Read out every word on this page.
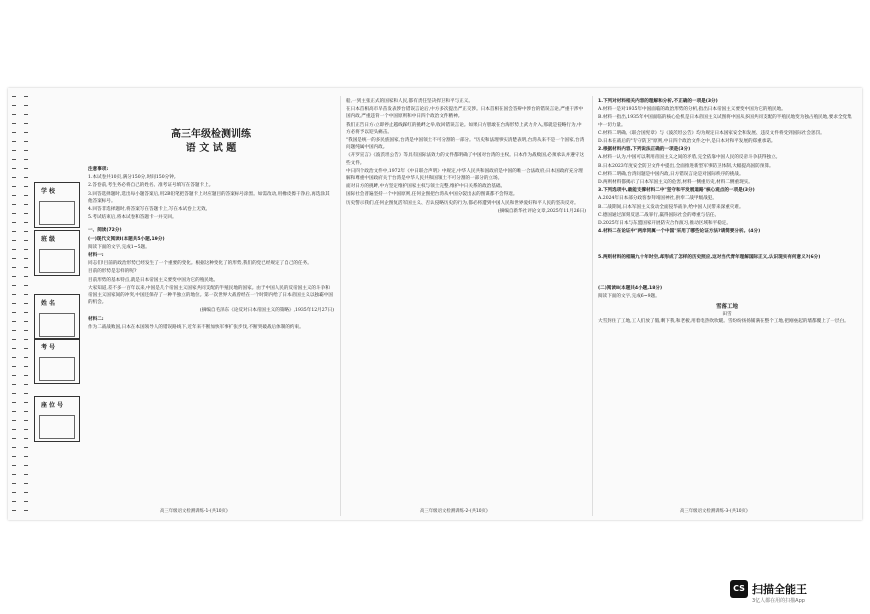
学校
班级
姓名
考号
座位号
高三年级检测训练
语 文 试 题

注意事项:

1.本试卷共10页,满分150分,时间150分钟。

2.答卷前,考生务必将自己的姓名、准考证号填写在答题卡上。

3.回答选择题时,选出每小题答案后,用2B铅笔把答题卡上对应题目的答案标号涂黑。如需改动,用橡皮擦干净后,再选涂其他答案标号。

4.回答非选择题时,将答案写在答题卡上,写在本试卷上无效。

5.考试结束后,将本试卷和答题卡一并交回。

一、阅读(72分)

(一)现代文阅读Ⅰ(本题共5小题,19分)

阅读下面的文字,完成1~5题。

材料一:

同志们!目前的政治形势已经发生了一个重要的变化。根据这种变化了的形势,我们的党已经规定了自己的任务。

目前的形势是怎样的呢?

目前形势的基本特点,就是日本帝国主义要变中国为它的殖民地。

大家知道,差不多一百年以来,中国是几个帝国主义国家共同支配的半殖民地的国家。由于中国人民的反帝国主义的斗争和帝国主义国家间的冲突,中国还保存了一种半独立的地位。第一次世界大战曾经在一个时期内给了日本帝国主义以独霸中国的机会。

(摘编自毛泽东《论反对日本帝国主义的策略》,1935年12月27日)

材料二:

作为二战战败国,日本在本国领导人的错误路线下,近年来不断加快军事扩张步伐,不断突破战后体制的约束。

船,一到主张正式的国家和人民,都有责任坚决捍卫和平与正义。

在日本首相高市早苗发表涉台错误言论后,中方多次提出严正交涉。日本首相在国会答辩中涉台的错误言论,严重干涉中国内政,严重违背一个中国原则和中日四个政治文件精神。

我们正告日方:立即停止越线踩红的挑衅之举,收回错误言论。如果日方胆敢在台海形势上武力介入,那就是侵略行为,中方必将予以迎头痛击。

"我国是统一的多民族国家,台湾是中国领土不可分割的一部分。"历史和法理事实清楚表明,台湾从来不是一个国家,台湾问题纯属中国内政。

《开罗宣言》《波茨坦公告》等具有国际法效力的文件都明确了中国对台湾的主权。日本作为战败国,必须承认并遵守这些文件。

中日四个政治文件中,1972年《中日联合声明》中规定,中华人民共和国政府是中国的唯一合法政府;日本国政府充分理解和尊重中国政府关于台湾是中华人民共和国领土不可分割的一部分的立场。

面对日方的挑衅,中方坚定维护国家主权与领土完整,维护中日关系的政治基础。

国际社会普遍坚持一个中国原则,任何企图把台湾从中国分裂出去的图谋都不会得逞。

历史警示我们,任何企图复活军国主义、否认侵略历史的行为,都必将遭到中国人民和世界爱好和平人民的坚决反对。

(摘编自新华社评论文章,2025年11月26日)

1.下列对材料相关内容的理解和分析,不正确的一项是(3分)

A.材料一是对1935年中国面临的政治形势的分析,指出日本帝国主义要变中国为它的殖民地。

B.材料一指出,1935年中国面临的核心危机是日本帝国主义试图将中国从多国共同支配的半殖民地变为独占殖民地,要求全党集中一切力量。

C.材料二明确,《联合国宪章》与《波茨坦公告》均为规定日本国家安全和发展、违反文件将受到国际社会惩罚。

D.日本在战后的"专守防卫"原则,中日四个政治文件之中,是日本对和平发展的郑重承诺。

2.根据材料内容,下列说法正确的一项是(3分)

A.材料一认为,中国可以利用帝国主义之间的矛盾,完全依靠中国人民的反帝斗争获得独立。

B.日本2023年度安全防卫文件中提出,全面推进新型军事防卫体制,大幅提高国防预算。

C.材料二明确,台湾问题是中国内政,日方错误言论是对国际秩序的挑战。

D.两则材料都揭示了日本军国主义的危害,材料一侧重历史,材料二侧重现实。

3.下列选项中,最能支撑材料二中"坚守和平发展道路"核心观点的一项是(3分)

A.2024年日本部分政客参拜靖国神社,供奉二战甲级战犯。

B.二战期间,日本军国主义发动全面侵华战争,给中国人民带来深重灾难。

C.德国通过深刻反思二战罪行,赢得国际社会的尊重与信任。

D.2025年日本与东盟国家开展防灾合作演习,推动区域和平稳定。

4.材料二在论证中"两岸同属一个中国"采用了哪些论证方法?请简要分析。(4分)

5.两则材料的相隔九十年时空,却形成了怎样的历史照应,这对当代青年理解国际正义,认识现实有何意义?(6分)

(二)阅读Ⅱ(本题共4小题,18分)

阅读下面的文字,完成6~9题。

雪落工地
田雪

大雪封住了工地,工人们放了假,剩下我,和老板,用着电热吹吹暖。雪纷纷扬扬铺满在整个工地,把刚垒起的墙都覆上了一层白。

高三年级语文检测训练-1-(共10页)	高三年级语文检测训练-2-(共10页)	高三年级语文检测训练-3-(共10页)
CS 扫描全能王
3亿人都在用的扫描App
